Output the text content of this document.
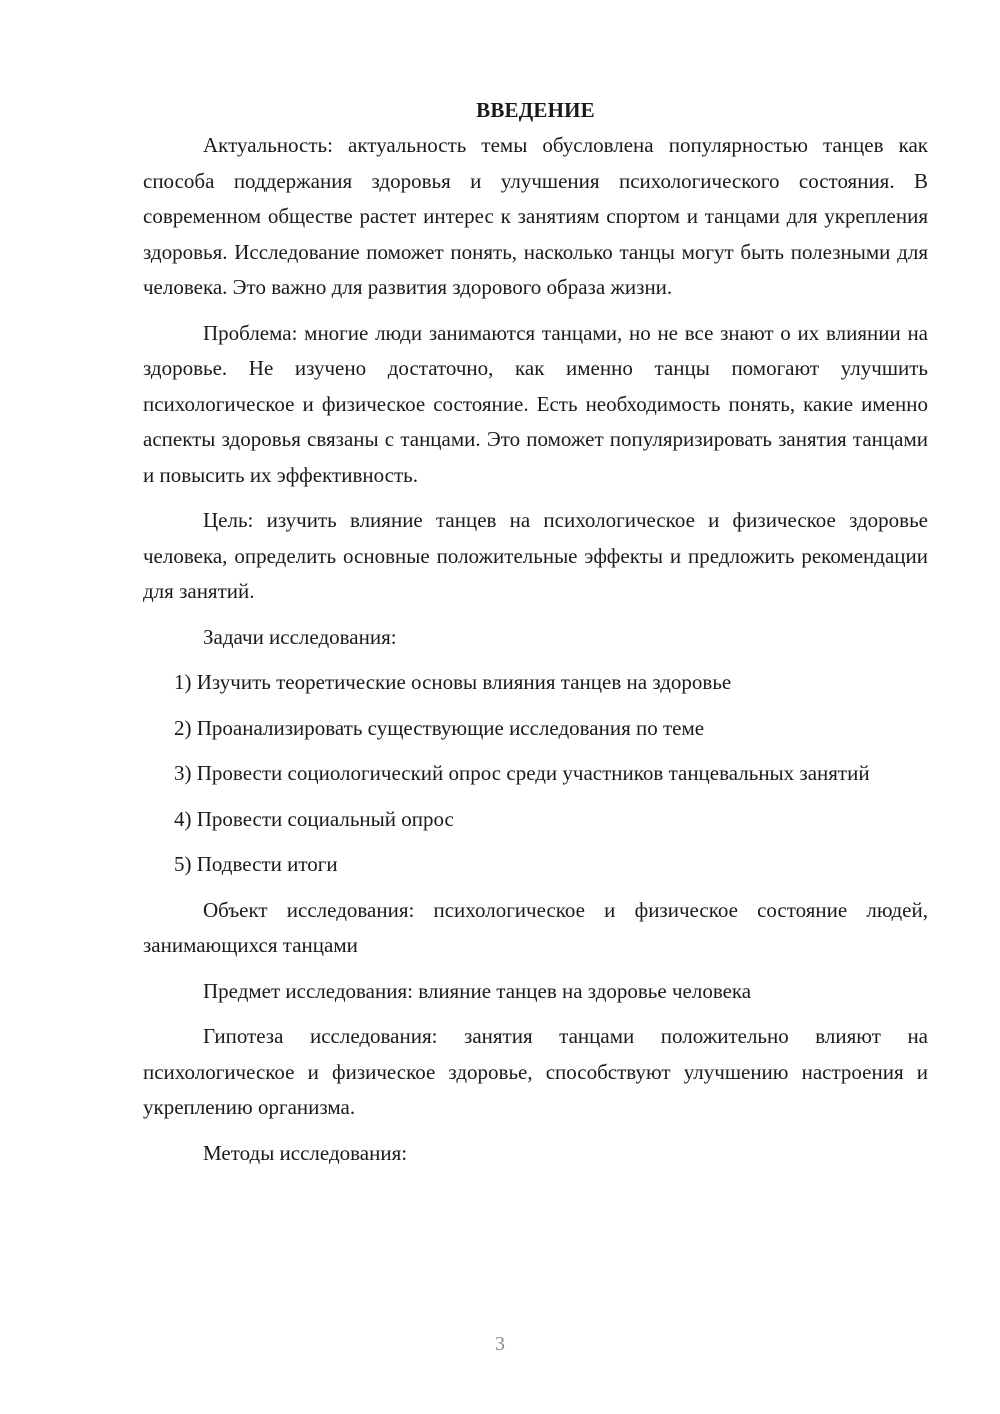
ВВЕДЕНИЕ

Актуальность: актуальность темы обусловлена популярностью танцев как способа поддержания здоровья и улучшения психологического состояния. В современном обществе растет интерес к занятиям спортом и танцами для укрепления здоровья. Исследование поможет понять, насколько танцы могут быть полезными для человека. Это важно для развития здорового образа жизни.

Проблема: многие люди занимаются танцами, но не все знают о их влиянии на здоровье. Не изучено достаточно, как именно танцы помогают улучшить психологическое и физическое состояние. Есть необходимость понять, какие именно аспекты здоровья связаны с танцами. Это поможет популяризировать занятия танцами и повысить их эффективность.

Цель: изучить влияние танцев на психологическое и физическое здоровье человека, определить основные положительные эффекты и предложить рекомендации для занятий.

Задачи исследования:

1) Изучить теоретические основы влияния танцев на здоровье

2) Проанализировать существующие исследования по теме

3) Провести социологический опрос среди участников танцевальных занятий

4) Провести социальный опрос

5) Подвести итоги

Объект исследования: психологическое и физическое состояние людей, занимающихся танцами

Предмет исследования: влияние танцев на здоровье человека

Гипотеза исследования: занятия танцами положительно влияют на психологическое и физическое здоровье, способствуют улучшению настроения и укреплению организма.

Методы исследования:

3
